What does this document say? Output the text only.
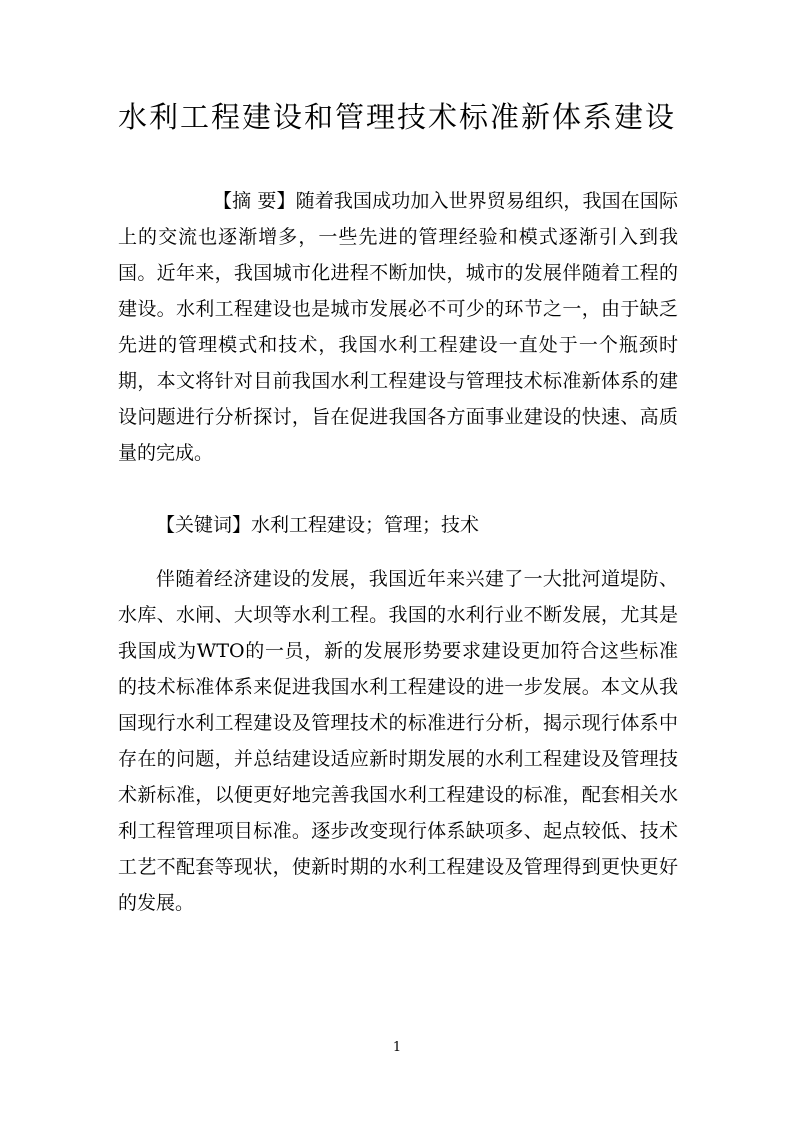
水利工程建设和管理技术标准新体系建设

【摘 要】随着我国成功加入世界贸易组织，我国在国际上的交流也逐渐增多，一些先进的管理经验和模式逐渐引入到我国。近年来，我国城市化进程不断加快，城市的发展伴随着工程的建设。水利工程建设也是城市发展必不可少的环节之一，由于缺乏先进的管理模式和技术，我国水利工程建设一直处于一个瓶颈时期，本文将针对目前我国水利工程建设与管理技术标准新体系的建设问题进行分析探讨，旨在促进我国各方面事业建设的快速、高质量的完成。

【关键词】水利工程建设；管理；技术

伴随着经济建设的发展，我国近年来兴建了一大批河道堤防、水库、水闸、大坝等水利工程。我国的水利行业不断发展，尤其是我国成为WTO的一员，新的发展形势要求建设更加符合这些标准的技术标准体系来促进我国水利工程建设的进一步发展。本文从我国现行水利工程建设及管理技术的标准进行分析，揭示现行体系中存在的问题，并总结建设适应新时期发展的水利工程建设及管理技术新标准，以便更好地完善我国水利工程建设的标准，配套相关水利工程管理项目标准。逐步改变现行体系缺项多、起点较低、技术工艺不配套等现状，使新时期的水利工程建设及管理得到更快更好的发展。

1
